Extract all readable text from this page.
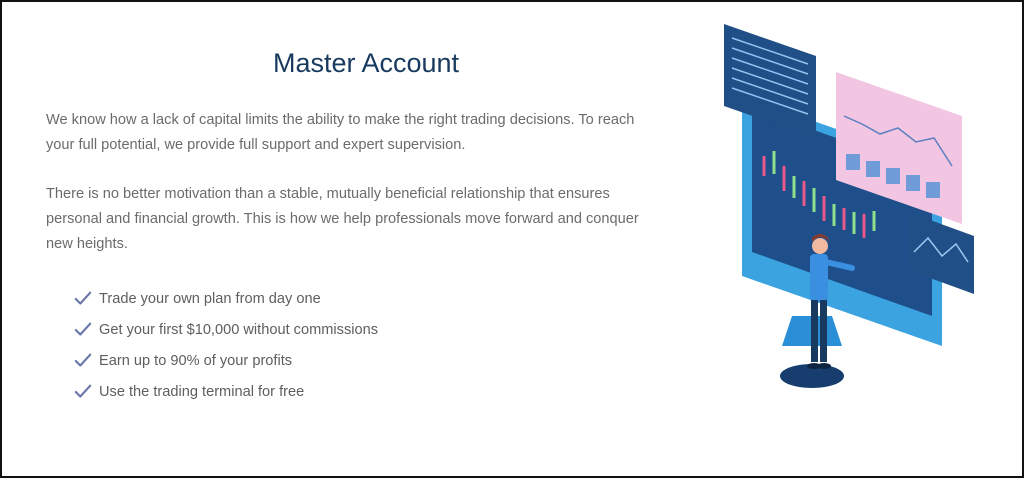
Master Account

We know how a lack of capital limits the ability to make the right trading decisions. To reach your full potential, we provide full support and expert supervision.

There is no better motivation than a stable, mutually beneficial relationship that ensures personal and financial growth. This is how we help professionals move forward and conquer new heights.

Trade your own plan from day one
Get your first $10,000 without commissions
Earn up to 90% of your profits
Use the trading terminal for free
